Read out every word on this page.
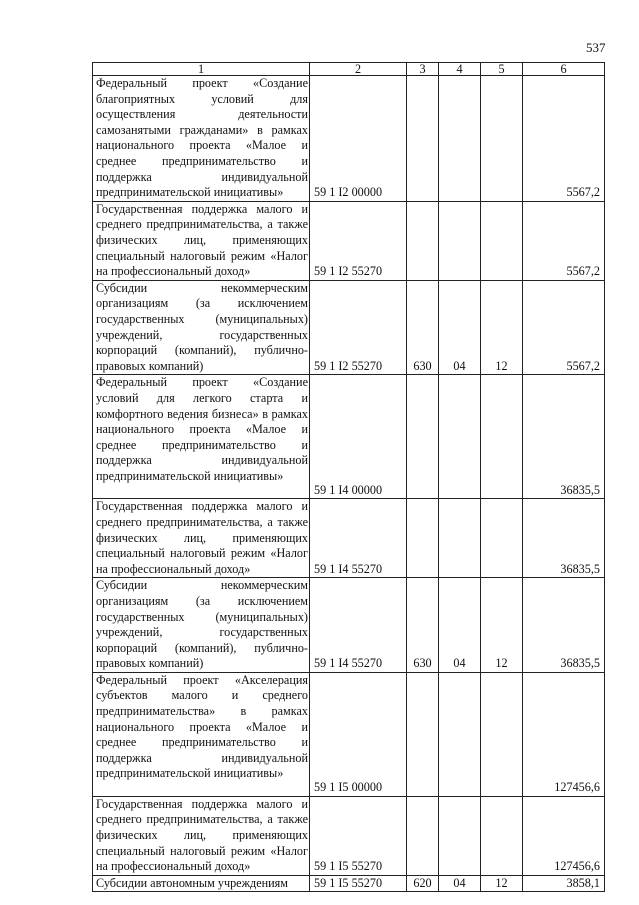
537
1	2	3	4	5	6
Федеральный проект «Создание благоприятных условий для осуществления деятельности самозанятыми гражданами» в рамках национального проекта «Малое и среднее предпринимательство и поддержка индивидуальной предпринимательской инициативы»	59 1 I2 00000				5567,2
Государственная поддержка малого и среднего предпринимательства, а также физических лиц, применяющих специальный налоговый режим «Налог на профессиональный доход»	59 1 I2 55270				5567,2
Субсидии некоммерческим организациям (за исключением государственных (муниципальных) учреждений, государственных корпораций (компаний), публично-правовых компаний)	59 1 I2 55270	630	04	12	5567,2
Федеральный проект «Создание условий для легкого старта и комфортного ведения бизнеса» в рамках национального проекта «Малое и среднее предпринимательство и поддержка индивидуальной предпринимательской инициативы»	59 1 I4 00000				36835,5
Государственная поддержка малого и среднего предпринимательства, а также физических лиц, применяющих специальный налоговый режим «Налог на профессиональный доход»	59 1 I4 55270				36835,5
Субсидии некоммерческим организациям (за исключением государственных (муниципальных) учреждений, государственных корпораций (компаний), публично-правовых компаний)	59 1 I4 55270	630	04	12	36835,5
Федеральный проект «Акселерация субъектов малого и среднего предпринимательства» в рамках национального проекта «Малое и среднее предпринимательство и поддержка индивидуальной предпринимательской инициативы»	59 1 I5 00000				127456,6
Государственная поддержка малого и среднего предпринимательства, а также физических лиц, применяющих специальный налоговый режим «Налог на профессиональный доход»	59 1 I5 55270				127456,6
Субсидии автономным учреждениям	59 1 I5 55270	620	04	12	3858,1
